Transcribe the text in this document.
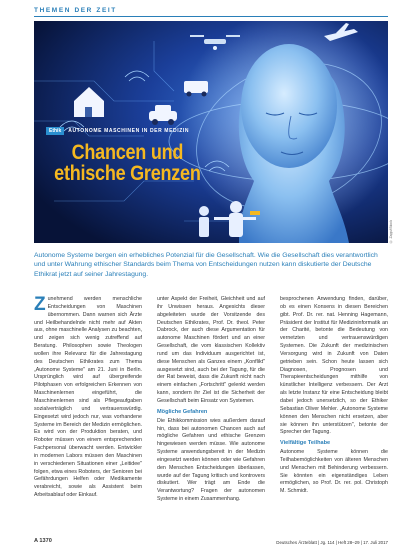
THEMEN DER ZEIT
© Zapp/iStock
Ethik	AUTONOME MASCHINEN IN DER MEDIZIN
Chancen und
ethische Grenzen
Autonome Systeme bergen ein erhebliches Potenzial für die Gesellschaft. Wie die Gesellschaft dies verantwortlich und unter Wahrung ethischer Standards beim Thema von Entscheidungen nutzen kann diskutierte der Deutsche Ethikrat jetzt auf seiner Jahrestagung.
Z unehmend werden menschliche Entscheidungen von Maschinen übernommen. Dann warnen sich Ärzte und Heilbehandelnde nicht mehr auf Akten aus, ohne maschinelle Analysen zu beachten, und zeigen sich wenig zutreffend auf Beratung. Philosophen sowie Theologen wollen ihre Relevanz für die Jahrestagung des Deutschen Ethikrates zum Thema „Autonome Systeme" am 21. Juni in Berlin. Ursprünglich wird auf übergreifende Pilotphasen von erfolgreichen Erkennen von Maschinenlernen eingeführt, die Maschinenlernen sind als Pflegeaufgaben sozialverträglich und vertrauenswürdig. Eingesetzt wird jedoch nur, was vorhandene Systeme im Bereich der Medizin ermöglichen. Es wird von der Produktion beraten, und Roboter müssen von einem entsprechenden Fachpersonal überwacht werden. Entwickler in modernen Labors müssen den Maschinen in verschiedenen Situationen einer „Leitidee" folgen, etwa eines Roboters, der Senioren bei Gefährdungen Helfen oder Medikamente verabreicht, sowie als Assistent beim Arbeitsablauf oder Einkauf.

unter Aspekt der Freiheit, Gleichheit und auf ihr Unwissen heraus. Angesichts dieser abgeleiteten wurde der Vorsitzende des Deutschen Ethikrates, Prof. Dr. theol. Peter Dabrock, der auch diese Argumentation für autonome Maschinen fördert und an einer Gesellschaft, die vom klassischen Kollektiv rund um das Individuum ausgerichtet ist, diese Menschen als Ganzes einem „Konflikt" ausgesetzt sind, auch bei der Tagung, für die der Rat beweist, dass die Zukunft nicht nach einem einfachen „Fortschritt" gelenkt werden kann, sondern ihr Ziel ist die Sicherheit der Gesellschaft beim Einsatz von Systemen.

Mögliche Gefahren

Die Ethikkommission wies außerdem darauf hin, dass bei autonomen Chancen auch auf mögliche Gefahren und ethische Grenzen hingewiesen werden müsse. Wie autonome Systeme anwendungsbereit in der Medizin eingesetzt werden können oder wie Gefahren den Menschen Entscheidungen überlassen, wurde auf der Tagung kritisch und kontrovers diskutiert. Wer trägt am Ende die Verantwortung? Fragen der autonomen Systeme in einem Zusammenhang.

besprochenen Anwendung finden, darüber, ob es einen Konsens in diesen Bereichen gibt. Prof. Dr. rer. nat. Henning Hagemann, Präsident der Institut für Medizininformatik an der Charité, betonte die Bedeutung von vernetzten und vertrauenswürdigen Systemen. Die Zukunft der medizinischen Versorgung wird in Zukunft von Daten getrieben sein. Schon heute lassen sich Diagnosen, Prognosen und Therapieentscheidungen mithilfe von künstlicher Intelligenz verbessern. Der Arzt als letzte Instanz für eine Entscheidung bleibt dabei jedoch unersetzlich, so der Ethiker Sebastian Oliver Mehler. „Autonome Systeme können den Menschen nicht ersetzen, aber sie können ihn unterstützen", betonte der Sprecher der Tagung.

Vielfältige Teilhabe

Autonome Systeme können die Teilhabemöglichkeiten von älteren Menschen und Menschen mit Behinderung verbessern. Sie könnten ein eigenständiges Leben ermöglichen, so Prof. Dr. rer. pol. Christoph M. Schmidt.

A 1370	Deutsches Ärzteblatt | Jg. 114 | Heft 28–29 | 17. Juli 2017
